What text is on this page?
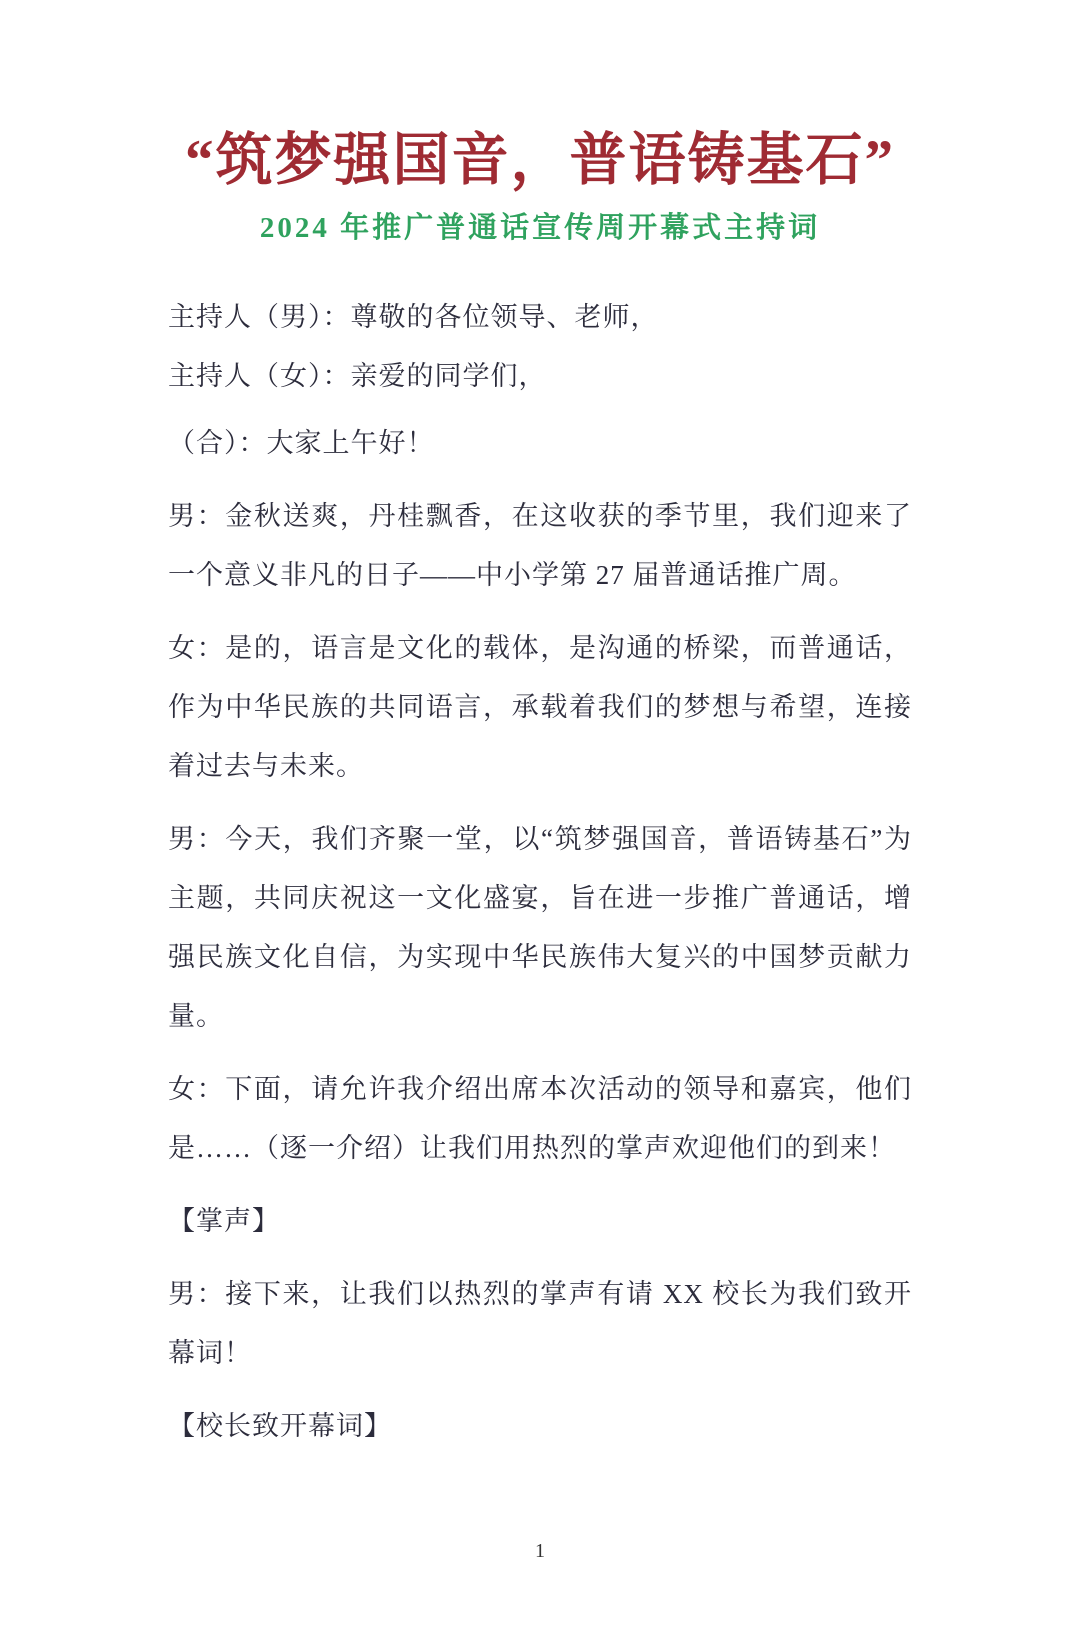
“筑梦强国音，普语铸基石”
2024 年推广普通话宣传周开幕式主持词

主持人（男）：尊敬的各位领导、老师，

主持人（女）：亲爱的同学们，

（合）：大家上午好！

男：金秋送爽，丹桂飘香，在这收获的季节里，我们迎来了一个意义非凡的日子——中小学第 27 届普通话推广周。

女：是的，语言是文化的载体，是沟通的桥梁，而普通话，作为中华民族的共同语言，承载着我们的梦想与希望，连接着过去与未来。

男：今天，我们齐聚一堂，以“筑梦强国音，普语铸基石”为主题，共同庆祝这一文化盛宴，旨在进一步推广普通话，增强民族文化自信，为实现中华民族伟大复兴的中国梦贡献力量。

女：下面，请允许我介绍出席本次活动的领导和嘉宾，他们是……（逐一介绍）让我们用热烈的掌声欢迎他们的到来！

【掌声】

男：接下来，让我们以热烈的掌声有请 XX 校长为我们致开幕词！

【校长致开幕词】

1
